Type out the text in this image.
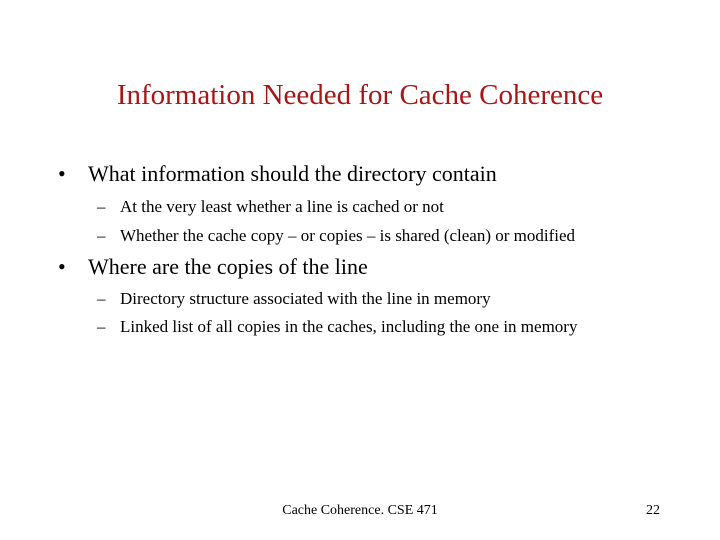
Information Needed for Cache Coherence
• What information should the directory contain
– At the very least whether a line is cached or not
– Whether the cache copy – or copies – is shared (clean) or modified
• Where are the copies of the line
– Directory structure associated with the line in memory
– Linked list of all copies in the caches, including the one in memory
Cache Coherence. CSE 471	22
